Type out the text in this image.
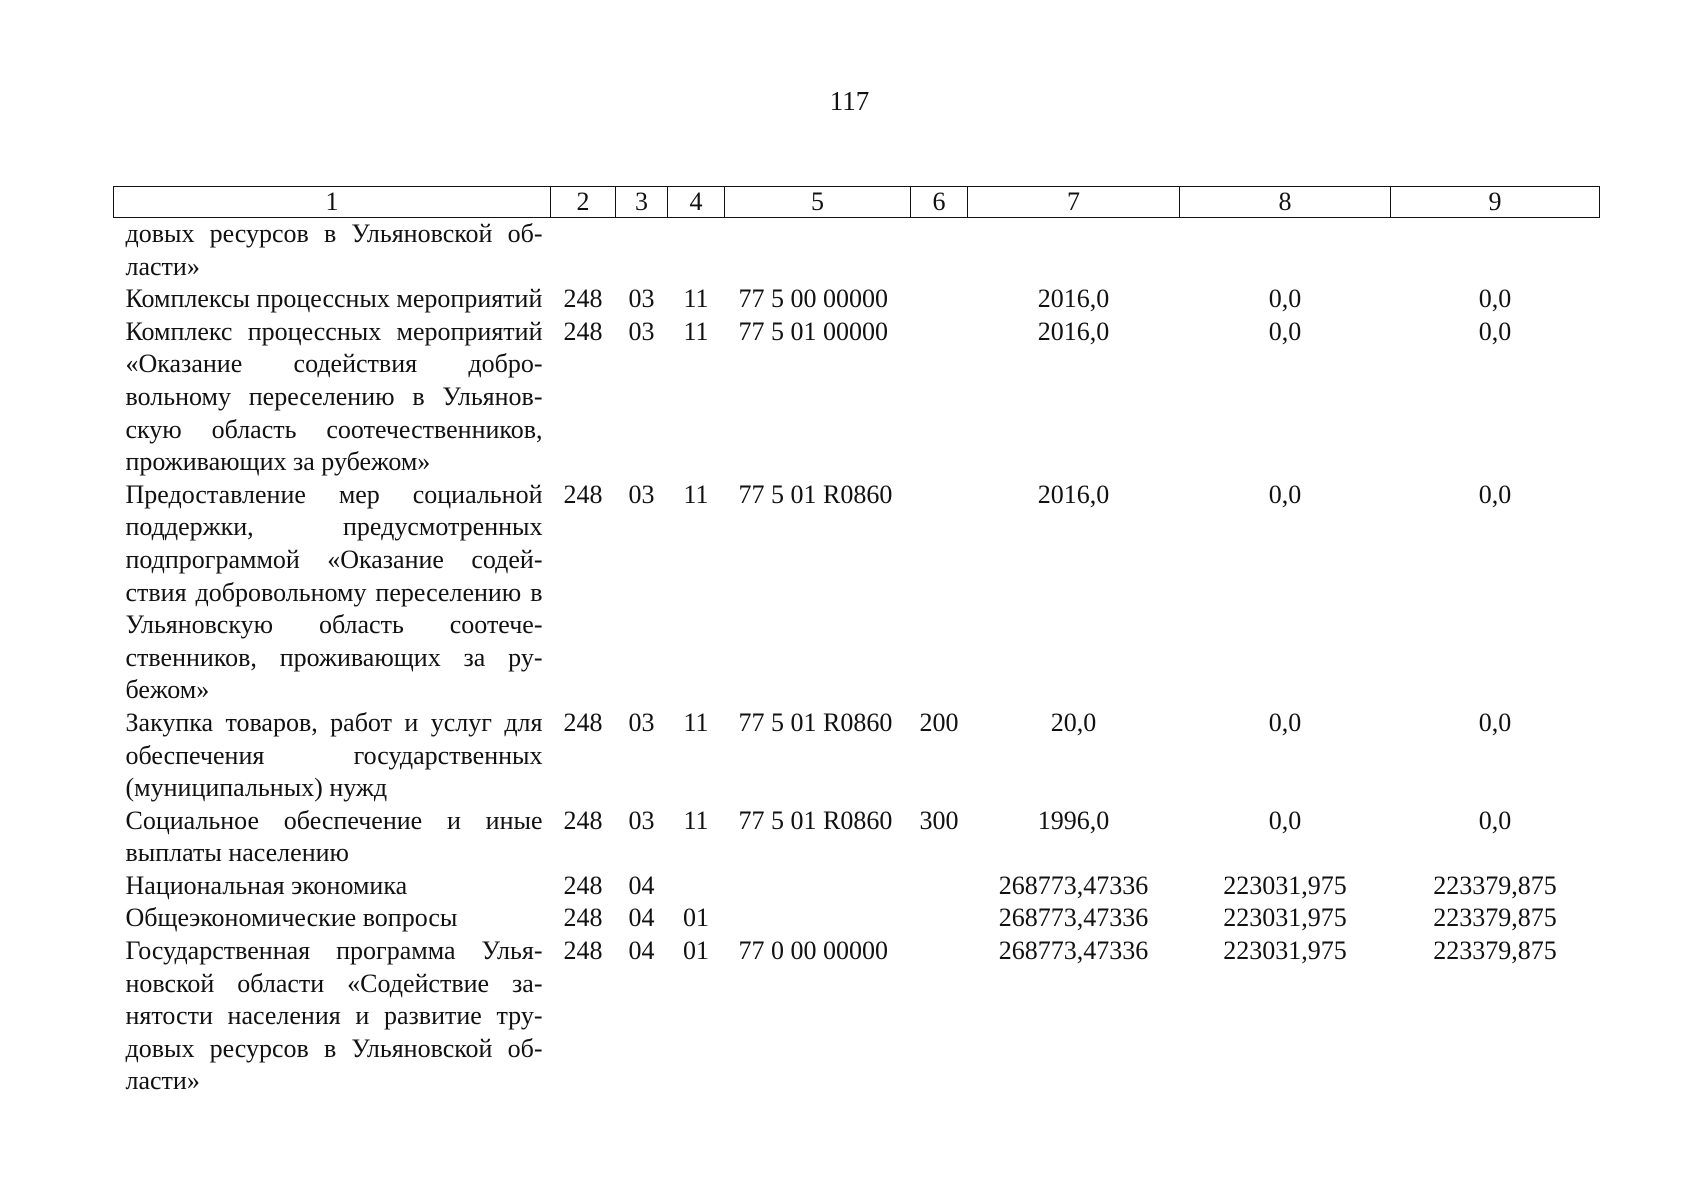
117
1	2	3	4	5	6	7	8	9
довых ресурсов в Ульяновской области»								
Комплексы процессных мероприятий	248	03	11	77 5 00 00000		2016,0	0,0	0,0
Комплекс процессных мероприятий «Оказание содействия добровольному переселению в Ульяновскую область соотечественников, проживающих за рубежом»	248	03	11	77 5 01 00000		2016,0	0,0	0,0
Предоставление мер социальной поддержки, предусмотренных подпрограммой «Оказание содействия добровольному переселению в Ульяновскую область соотечественников, проживающих за рубежом»	248	03	11	77 5 01 R0860		2016,0	0,0	0,0
Закупка товаров, работ и услуг для обеспечения государственных (муниципальных) нужд	248	03	11	77 5 01 R0860	200	20,0	0,0	0,0
Социальное обеспечение и иные выплаты населению	248	03	11	77 5 01 R0860	300	1996,0	0,0	0,0
Национальная экономика	248	04				268773,47336	223031,975	223379,875
Общеэкономические вопросы	248	04	01			268773,47336	223031,975	223379,875
Государственная программа Ульяновской области «Содействие занятости населения и развитие трудовых ресурсов в Ульяновской области»	248	04	01	77 0 00 00000		268773,47336	223031,975	223379,875
